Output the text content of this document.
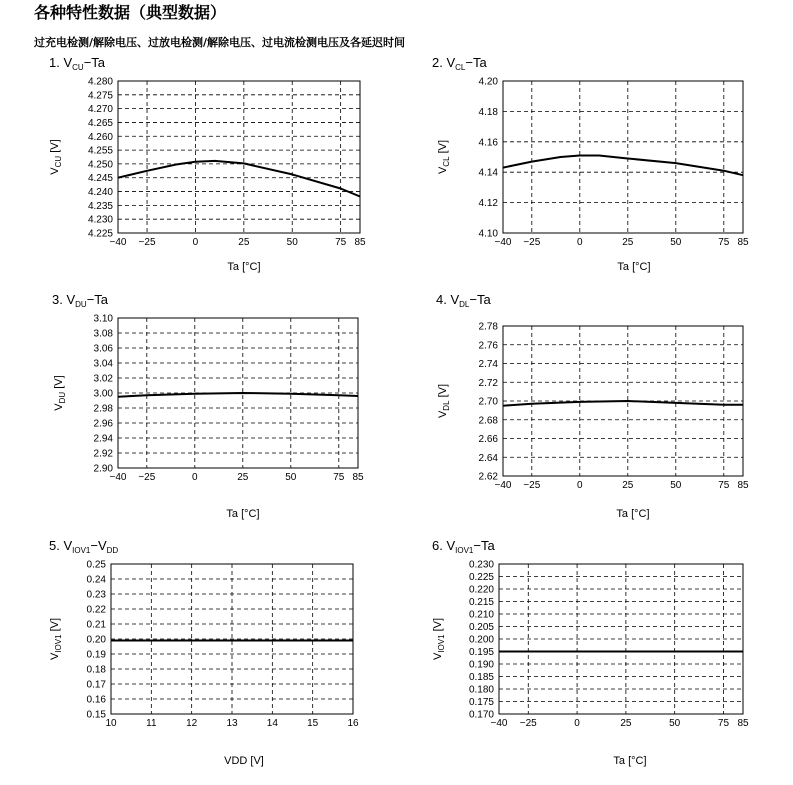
各种特性数据（典型数据）
过充电检测/解除电压、过放电检测/解除电压、过电流检测电压及各延迟时间
1. $V_{CU}-Ta$
4.225
4.230
4.235
4.240
4.245
4.250
4.255
4.260
4.265
4.270
4.275
4.280
−40 −25	0	25	50	75 85
Ta [°C]
$V_{CU}$ [V]
2. $V_{CL}-Ta$
4.10
4.12
4.14
4.16
4.18
4.20
−40 −25	0	25	50	75 85
Ta [°C]
$V_{CL}$ [V]
3. $V_{DU}-Ta$
2.90
2.92
2.94
2.96
2.98
3.00
3.02
3.04
3.06
3.08
3.10
−40 −25	0	25	50	75 85
Ta [°C]
$V_{DU}$ [V]
4. $V_{DL}-Ta$
2.62
2.64
2.66
2.68
2.70
2.72
2.74
2.76
2.78
−40 −25	0	25	50	75 85
Ta [°C]
$V_{DL}$ [V]
5. $V_{IOV1}-V_{DD}$
0.15
0.16
0.17
0.18
0.19
0.20
0.21
0.22
0.23
0.24
0.25
10	11	12	13	14	15	16
VDD [V]
$V_{IOV1}$ [V]
6. $V_{IOV1}-Ta$
0.170
0.175
0.180
0.185
0.190
0.195
0.200
0.205
0.210
0.215
0.220
0.225
0.230
−40 −25	0	25	50	75 85
Ta [°C]
$V_{IOV1}$ [V]
